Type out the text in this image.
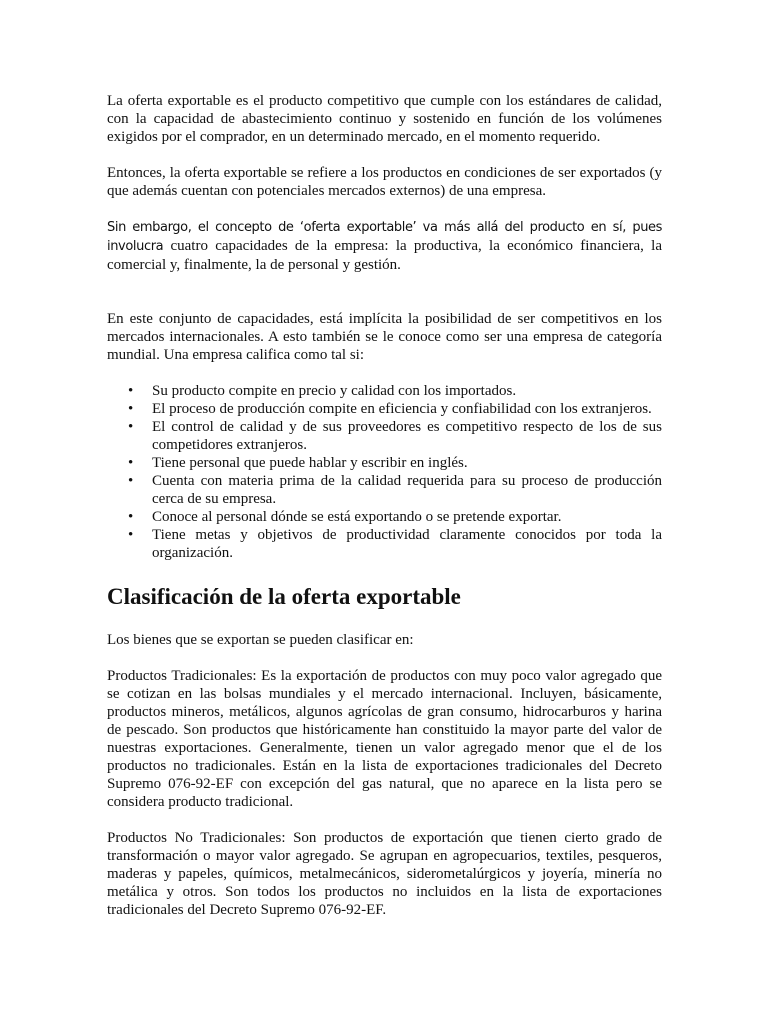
La oferta exportable es el producto competitivo que cumple con los estándares de calidad, con la capacidad de abastecimiento continuo y sostenido en función de los volúmenes exigidos por el comprador, en un determinado mercado, en el momento requerido.

Entonces, la oferta exportable se refiere a los productos en condiciones de ser exportados (y que además cuentan con potenciales mercados externos) de una empresa.

Sin embargo, el concepto de ‘oferta exportable’ va más allá del producto en sí, pues involucra cuatro capacidades de la empresa: la productiva, la económico financiera, la comercial y, finalmente, la de personal y gestión.

En este conjunto de capacidades, está implícita la posibilidad de ser competitivos en los mercados internacionales. A esto también se le conoce como ser una empresa de categoría mundial. Una empresa califica como tal si:

• Su producto compite en precio y calidad con los importados.
• El proceso de producción compite en eficiencia y confiabilidad con los extranjeros.
• El control de calidad y de sus proveedores es competitivo respecto de los de sus competidores extranjeros.
• Tiene personal que puede hablar y escribir en inglés.
• Cuenta con materia prima de la calidad requerida para su proceso de producción cerca de su empresa.
• Conoce al personal dónde se está exportando o se pretende exportar.
• Tiene metas y objetivos de productividad claramente conocidos por toda la organización.
Clasificación de la oferta exportable

Los bienes que se exportan se pueden clasificar en:

Productos Tradicionales: Es la exportación de productos con muy poco valor agregado que se cotizan en las bolsas mundiales y el mercado internacional. Incluyen, básicamente, productos mineros, metálicos, algunos agrícolas de gran consumo, hidrocarburos y harina de pescado. Son productos que históricamente han constituido la mayor parte del valor de nuestras exportaciones. Generalmente, tienen un valor agregado menor que el de los productos no tradicionales. Están en la lista de exportaciones tradicionales del Decreto Supremo 076-92-EF con excepción del gas natural, que no aparece en la lista pero se considera producto tradicional.

Productos No Tradicionales: Son productos de exportación que tienen cierto grado de transformación o mayor valor agregado. Se agrupan en agropecuarios, textiles, pesqueros, maderas y papeles, químicos, metalmecánicos, siderometalúrgicos y joyería, minería no metálica y otros. Son todos los productos no incluidos en la lista de exportaciones tradicionales del Decreto Supremo 076-92-EF.
